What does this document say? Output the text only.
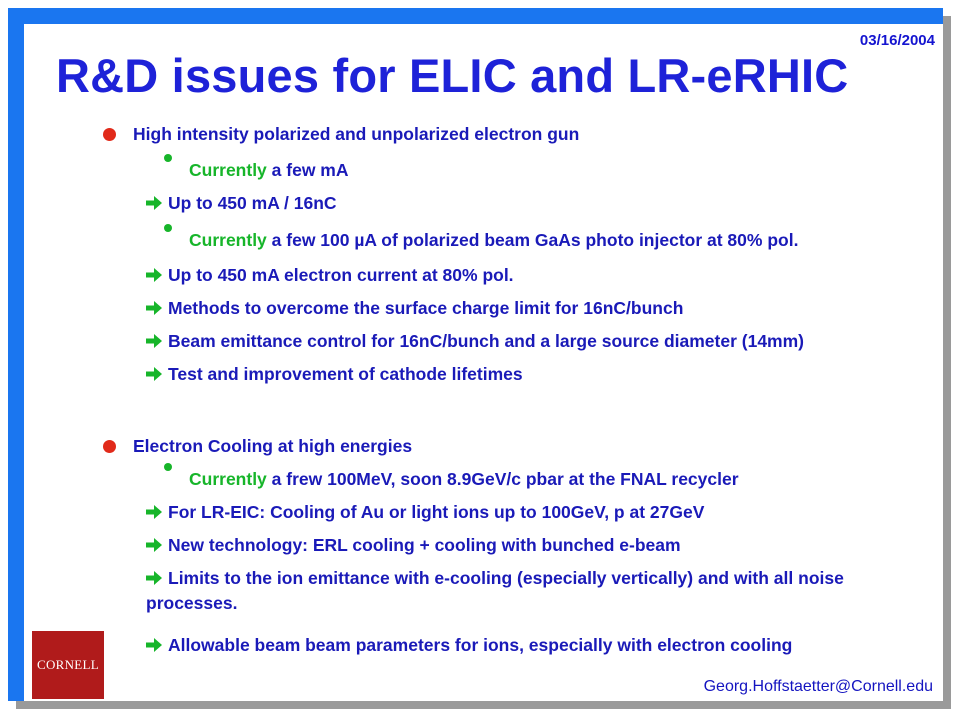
03/16/2004
R&D issues for ELIC and LR-eRHIC
High intensity polarized and unpolarized electron gun
Currently a few mA
Up to 450 mA / 16nC
Currently a few 100 µA of polarized beam GaAs photo injector at 80% pol.
Up to 450 mA electron current at 80% pol.
Methods to overcome the surface charge limit for 16nC/bunch
Beam emittance control for 16nC/bunch and a large source diameter (14mm)
Test and improvement of cathode lifetimes
Electron Cooling at high energies
Currently a frew 100MeV, soon 8.9GeV/c pbar at the FNAL recycler
For LR-EIC: Cooling of Au or light ions up to 100GeV, p at 27GeV
New technology: ERL cooling + cooling with bunched e-beam
Limits to the ion emittance with e-cooling (especially vertically) and with all noise processes.
Allowable beam beam parameters for ions, especially with electron cooling
CORNELL
Georg.Hoffstaetter@Cornell.edu
